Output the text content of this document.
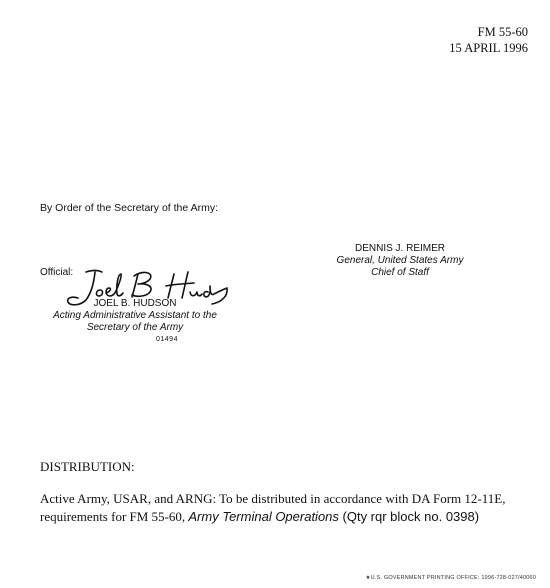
FM 55-60
15 APRIL 1996
By Order of the Secretary of the Army:
DENNIS J. REIMER
General, United States Army
Chief of Staff
Official:
JOEL B. HUDSON
Acting Administrative Assistant to the
Secretary of the Army
01494
DISTRIBUTION:
Active Army, USAR, and ARNG: To be distributed in accordance with DA Form 12-11E, requirements for FM 55-60, Army Terminal Operations (Qty rqr block no. 0398)
★U.S. GOVERNMENT PRINTING OFFICE: 1996-728-027/40060
